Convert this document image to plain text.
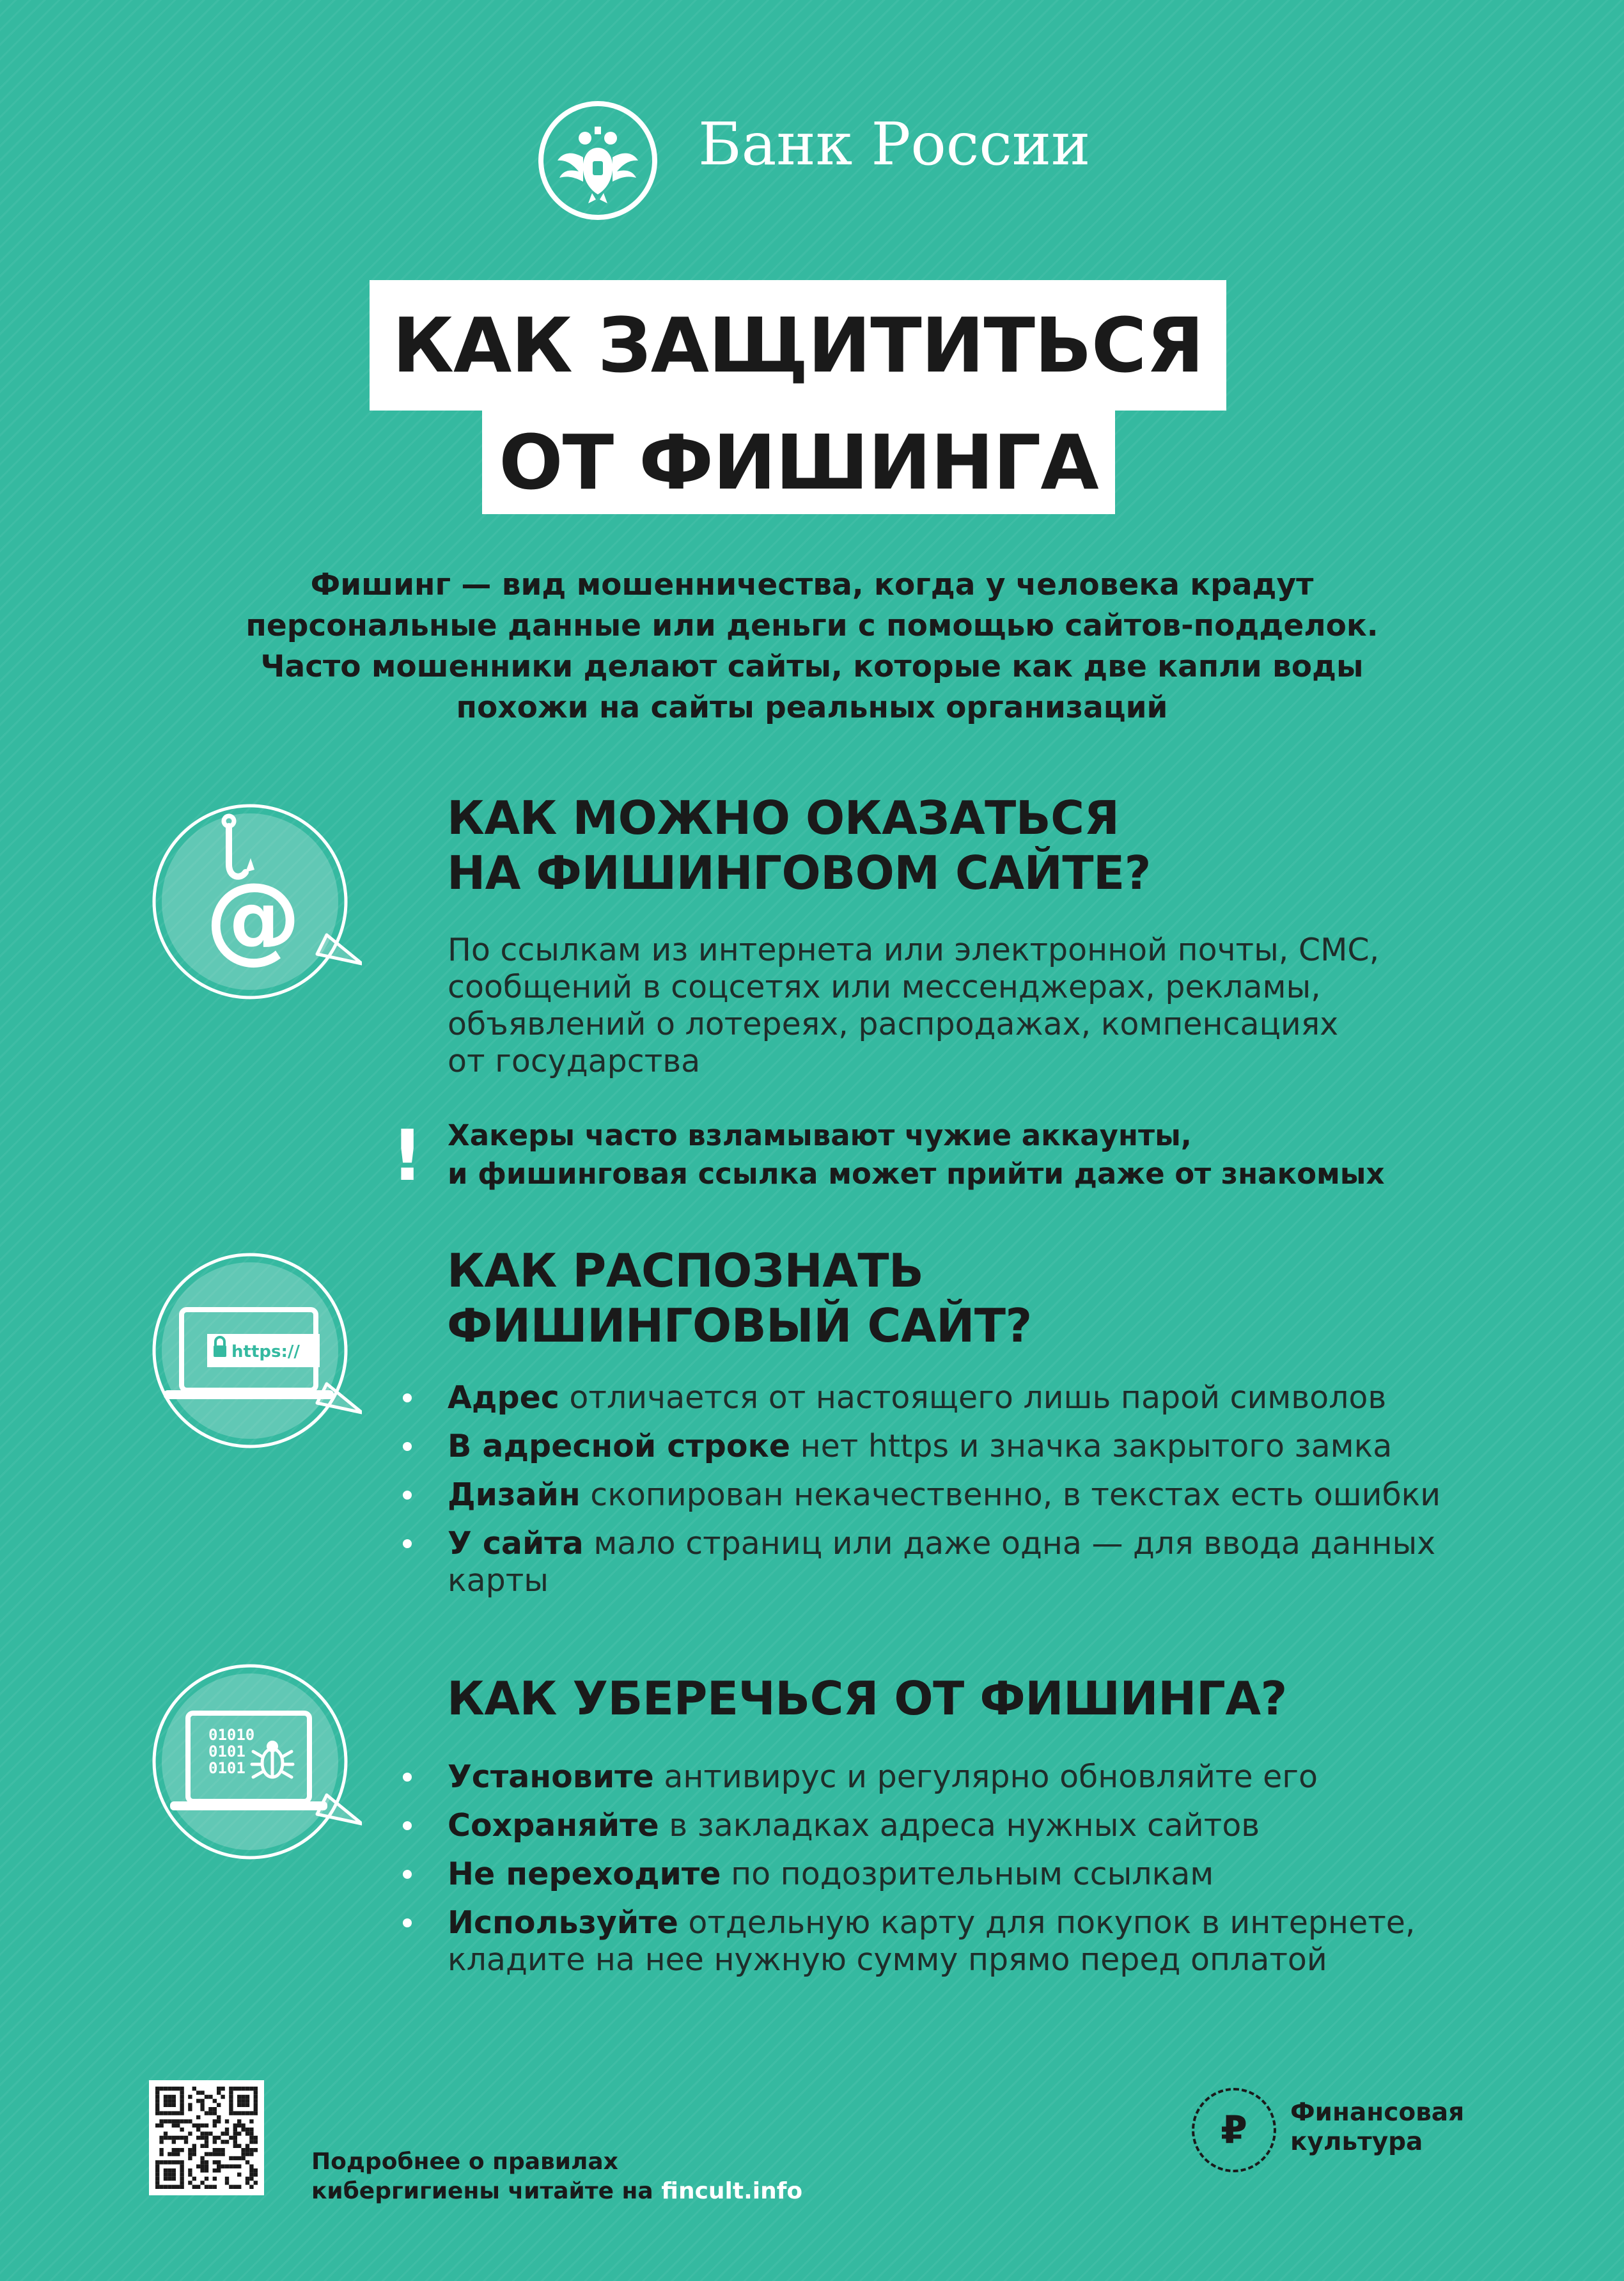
Банк России
КАК ЗАЩИТИТЬСЯ
ОТ ФИШИНГА
Фишинг — вид мошенничества, когда у человека крадут
персональные данные или деньги с помощью сайтов-подделок.
Часто мошенники делают сайты, которые как две капли воды
похожи на сайты реальных организаций
@
КАК МОЖНО ОКАЗАТЬСЯ
НА ФИШИНГОВОМ САЙТЕ?
По ссылкам из интернета или электронной почты, СМС,
сообщений в соцсетях или мессенджерах, рекламы,
объявлений о лотереях, распродажах, компенсациях
от государства
! Хакеры часто взламывают чужие аккаунты,
и фишинговая ссылка может прийти даже от знакомых
https://
КАК РАСПОЗНАТЬ
ФИШИНГОВЫЙ САЙТ?
Адрес отличается от настоящего лишь парой символов
В адресной строке нет https и значка закрытого замка
Дизайн скопирован некачественно, в текстах есть ошибки
У сайта мало страниц или даже одна — для ввода данных
карты
01010
0101
0101
КАК УБЕРЕЧЬСЯ ОТ ФИШИНГА?
Установите антивирус и регулярно обновляйте его
Сохраняйте в закладках адреса нужных сайтов
Не переходите по подозрительным ссылкам
Используйте отдельную карту для покупок в интернете,
кладите на нее нужную сумму прямо перед оплатой
Подробнее о правилах
кибергигиены читайте на fincult.info
₽ Финансовая
культура
